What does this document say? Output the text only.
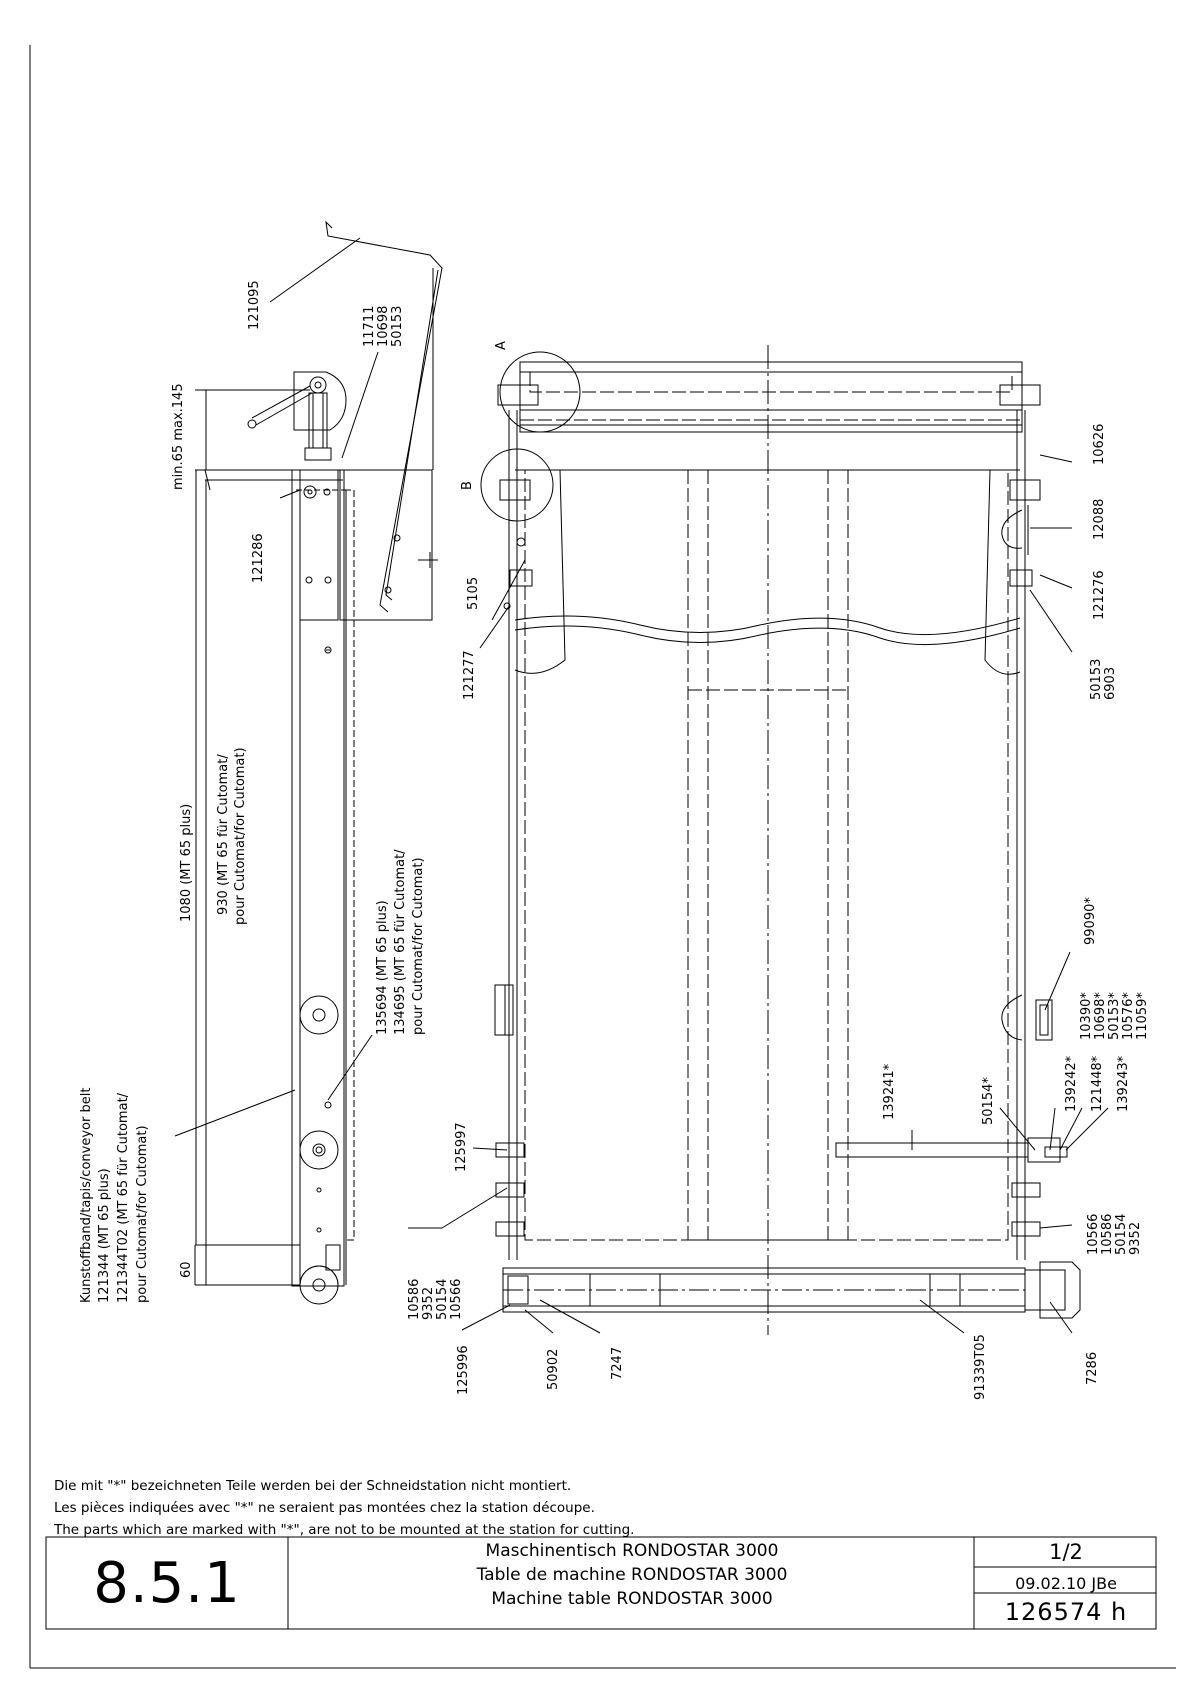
121095	11711 10698 50153
min.65 max.145
121286
1080 (MT 65 plus) 930 (MT 65 für Cutomat/ pour Cutomat/for Cutomat)
60
135694 (MT 65 plus) 134695 (MT 65 für Cutomat/ pour Cutomat/for Cutomat)
Kunstoffband/tapis/conveyor belt 121344 (MT 65 plus) 121344T02 (MT 65 für Cutomat/ pour Cutomat/for Cutomat)
A
B
5105
121277
125997
10586 9352 50154 10566
125996	50902	7247	91339T05	7286
10626
12088
121276
50153 6903
99090*
10390* 10698* 50153* 10576* 11059*
139241*	50154*	139242* 121448* 139243*
10566 10586 50154 9352
Die mit "*" bezeichneten Teile werden bei der Schneidstation nicht montiert.
Les pièces indiquées avec "*" ne seraient pas montées chez la station découpe.
The parts which are marked with "*", are not to be mounted at the station for cutting.
8.5.1	Maschinentisch RONDOSTAR 3000
Table de machine RONDOSTAR 3000
Machine table RONDOSTAR 3000
1/2
09.02.10 JBe
126574 h
